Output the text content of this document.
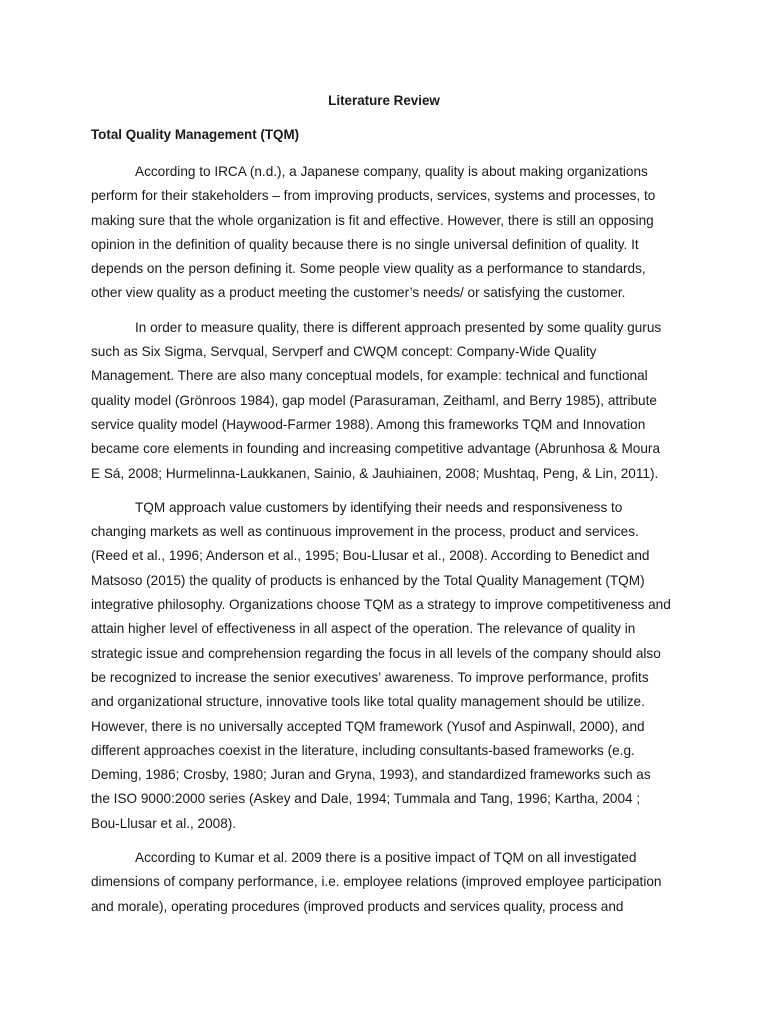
Literature Review
Total Quality Management (TQM)

According to IRCA (n.d.), a Japanese company, quality is about making organizations perform for their stakeholders – from improving products, services, systems and processes, to making sure that the whole organization is fit and effective. However, there is still an opposing opinion in the definition of quality because there is no single universal definition of quality. It depends on the person defining it. Some people view quality as a performance to standards, other view quality as a product meeting the customer’s needs/ or satisfying the customer.

In order to measure quality, there is different approach presented by some quality gurus such as Six Sigma, Servqual, Servperf and CWQM concept: Company-Wide Quality Management. There are also many conceptual models, for example: technical and functional quality model (Grönroos 1984), gap model (Parasuraman, Zeithaml, and Berry 1985), attribute service quality model (Haywood-Farmer 1988). Among this frameworks TQM and Innovation became core elements in founding and increasing competitive advantage (Abrunhosa & Moura E Sá, 2008; Hurmelinna-Laukkanen, Sainio, & Jauhiainen, 2008; Mushtaq, Peng, & Lin, 2011).

TQM approach value customers by identifying their needs and responsiveness to changing markets as well as continuous improvement in the process, product and services. (Reed et al., 1996; Anderson et al., 1995; Bou-Llusar et al., 2008). According to Benedict and Matsoso (2015) the quality of products is enhanced by the Total Quality Management (TQM) integrative philosophy. Organizations choose TQM as a strategy to improve competitiveness and attain higher level of effectiveness in all aspect of the operation. The relevance of quality in strategic issue and comprehension regarding the focus in all levels of the company should also be recognized to increase the senior executives’ awareness. To improve performance, profits and organizational structure, innovative tools like total quality management should be utilize. However, there is no universally accepted TQM framework (Yusof and Aspinwall, 2000), and different approaches coexist in the literature, including consultants-based frameworks (e.g. Deming, 1986; Crosby, 1980; Juran and Gryna, 1993), and standardized frameworks such as the ISO 9000:2000 series (Askey and Dale, 1994; Tummala and Tang, 1996; Kartha, 2004 ; Bou-Llusar et al., 2008).

According to Kumar et al. 2009 there is a positive impact of TQM on all investigated dimensions of company performance, i.e. employee relations (improved employee participation and morale), operating procedures (improved products and services quality, process and
